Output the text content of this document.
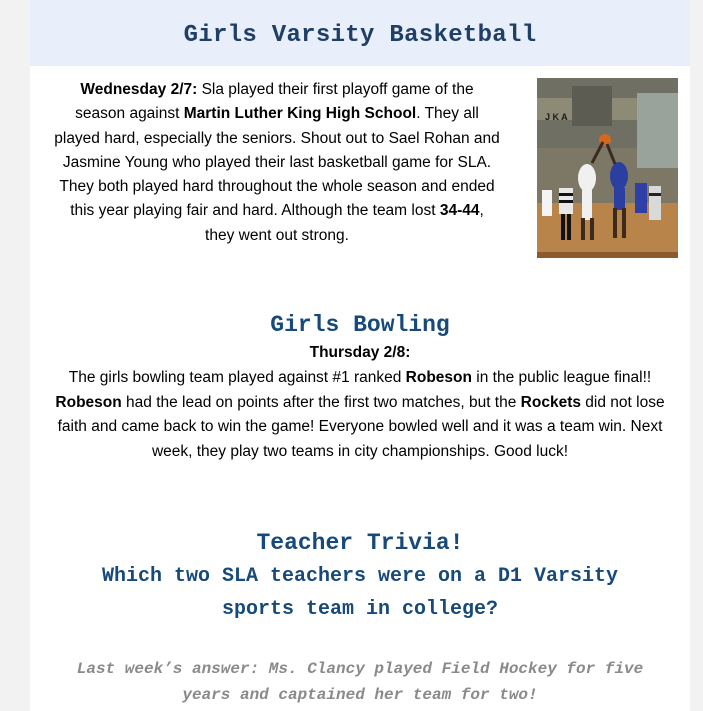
Girls Varsity Basketball
Wednesday 2/7: Sla played their first playoff game of the season against Martin Luther King High School. They all played hard, especially the seniors. Shout out to Sael Rohan and Jasmine Young who played their last basketball game for SLA. They both played hard throughout the whole season and ended this year playing fair and hard. Although the team lost 34-44, they went out strong.
J K A
Girls Bowling
Thursday 2/8:
The girls bowling team played against #1 ranked Robeson in the public league final!! Robeson had the lead on points after the first two matches, but the Rockets did not lose faith and came back to win the game! Everyone bowled well and it was a team win. Next week, they play two teams in city championships. Good luck!
Teacher Trivia!
Which two SLA teachers were on a D1 Varsity sports team in college?
Last week’s answer: Ms. Clancy played Field Hockey for five years and captained her team for two!
